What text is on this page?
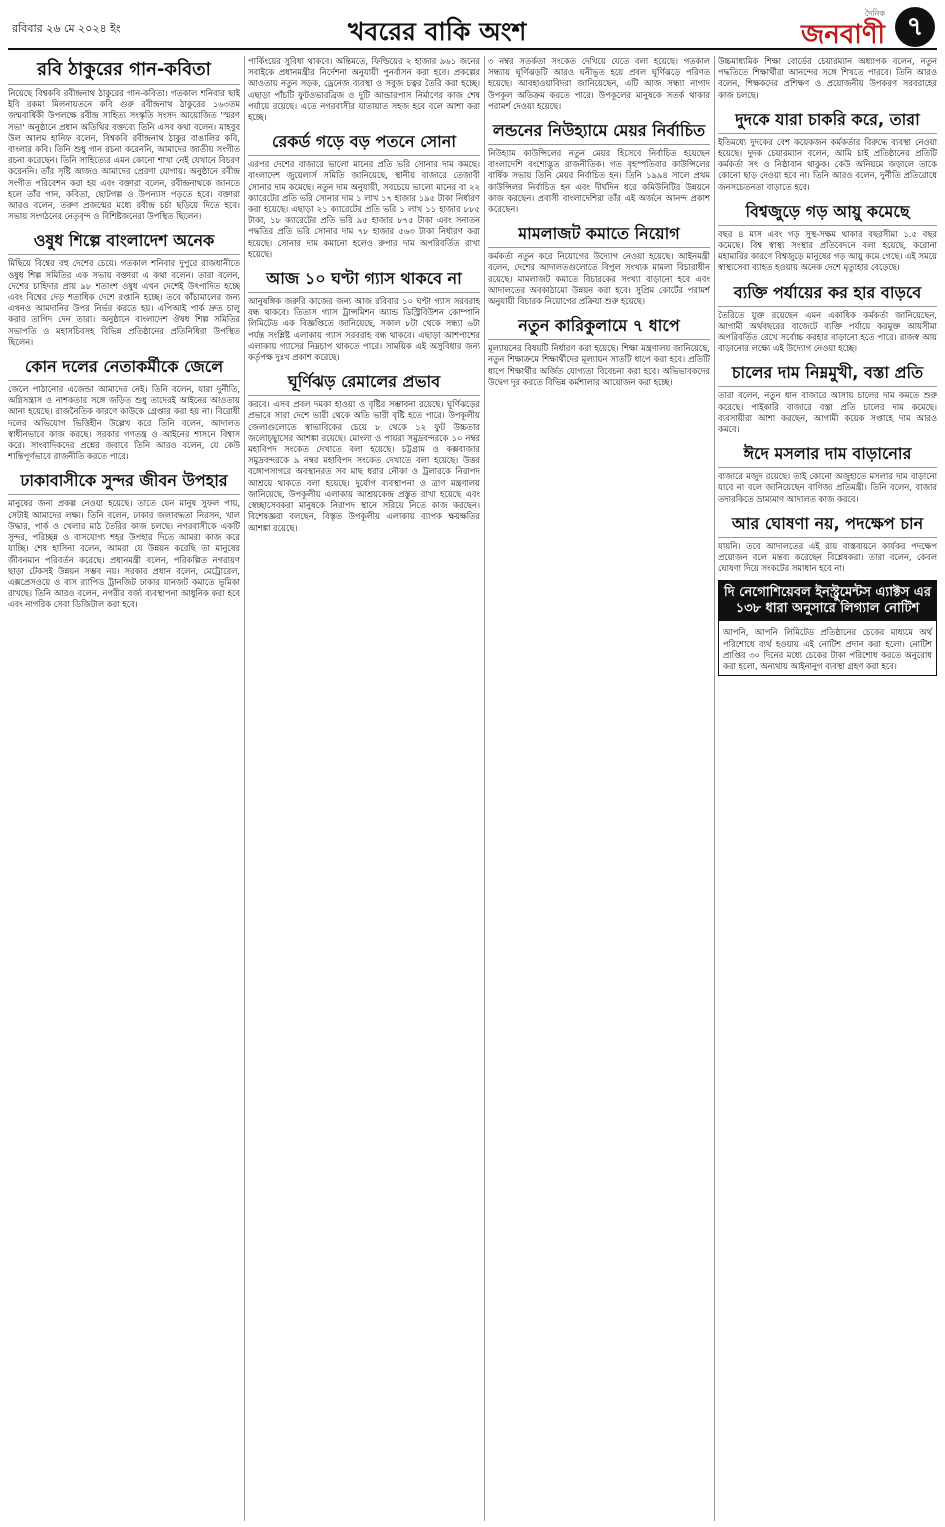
রবিবার ২৬ মে ২০২৪ ইং	খবরের বাকি অংশ
দৈনিক
জনবাণী ৭
রবি ঠাকুরের গান-কবিতা

নিয়েছে বিশ্বকবি রবীন্দ্রনাথ ঠাকুরের গান-কবিতা। গতকাল শনিবার ছাই ইবি রকমা মিলনায়তনে কবি গুরু রবীন্দ্রনাথ ঠাকুরের ১৬৩তম জন্মবার্ষিকী উপলক্ষে রবীন্দ্র সাহিত্য সংস্কৃতি সংসদ আয়োজিত 'স্মরণ সভা' অনুষ্ঠানে প্রধান অতিথির বক্তব্যে তিনি এসব কথা বলেন। মাহবুব উল আলম হানিফ বলেন, বিশ্বকবি রবীন্দ্রনাথ ঠাকুর বাঙালির কবি, বাংলার কবি। তিনি শুধু গান রচনা করেননি, আমাদের জাতীয় সংগীত রচনা করেছেন। তিনি সাহিত্যের এমন কোনো শাখা নেই যেখানে বিচরণ করেননি। তাঁর সৃষ্টি আজও আমাদের প্রেরণা যোগায়। অনুষ্ঠানে রবীন্দ্র সংগীত পরিবেশন করা হয় এবং বক্তারা বলেন, রবীন্দ্রনাথকে জানতে হলে তাঁর গান, কবিতা, ছোটগল্প ও উপন্যাস পড়তে হবে। বক্তারা আরও বলেন, তরুণ প্রজন্মের মধ্যে রবীন্দ্র চর্চা ছড়িয়ে দিতে হবে। সভায় সংগঠনের নেতৃবৃন্দ ও বিশিষ্টজনেরা উপস্থিত ছিলেন।

ওষুধ শিল্পে বাংলাদেশ অনেক

মিছিয়ে বিশ্বের বহু দেশের চেয়ে। গতকাল শনিবার দুপুরে রাজধানীতে ওষুধ শিল্প সমিতির এক সভায় বক্তারা এ কথা বলেন। তারা বলেন, দেশের চাহিদার প্রায় ৯৮ শতাংশ ওষুধ এখন দেশেই উৎপাদিত হচ্ছে এবং বিশ্বের দেড় শতাধিক দেশে রপ্তানি হচ্ছে। তবে কাঁচামালের জন্য এখনও আমদানির উপর নির্ভর করতে হয়। এপিআই পার্ক দ্রুত চালু করার তাগিদ দেন তারা। অনুষ্ঠানে বাংলাদেশ ঔষধ শিল্প সমিতির সভাপতি ও মহাসচিবসহ বিভিন্ন প্রতিষ্ঠানের প্রতিনিধিরা উপস্থিত ছিলেন।

কোন দলের নেতাকর্মীকে জেলে

জেলে পাঠানোর এজেন্ডা আমাদের নেই। তিনি বলেন, যারা দুর্নীতি, অগ্নিসন্ত্রাস ও নাশকতার সঙ্গে জড়িত শুধু তাদেরই আইনের আওতায় আনা হয়েছে। রাজনৈতিক কারণে কাউকে গ্রেপ্তার করা হয় না। বিরোধী দলের অভিযোগ ভিত্তিহীন উল্লেখ করে তিনি বলেন, আদালত স্বাধীনভাবে কাজ করছে। সরকার গণতন্ত্র ও আইনের শাসনে বিশ্বাস করে। সাংবাদিকদের প্রশ্নের জবাবে তিনি আরও বলেন, যে কেউ শান্তিপূর্ণভাবে রাজনীতি করতে পারে।

ঢাকাবাসীকে সুন্দর জীবন উপহার

মানুষের জন্য প্রকল্প নেওয়া হয়েছে। তাতে যেন মানুষ সুফল পায়, সেটাই আমাদের লক্ষ্য। তিনি বলেন, ঢাকার জলাবদ্ধতা নিরসন, খাল উদ্ধার, পার্ক ও খেলার মাঠ তৈরির কাজ চলছে। নগরবাসীকে একটি সুন্দর, পরিচ্ছন্ন ও বাসযোগ্য শহর উপহার দিতে আমরা কাজ করে যাচ্ছি। শেষ হাসিনা বলেন, আমরা যে উন্নয়ন করেছি তা মানুষের জীবনমান পরিবর্তন করেছে। প্রধানমন্ত্রী বলেন, পরিকল্পিত নগরায়ণ ছাড়া টেকসই উন্নয়ন সম্ভব নয়। সরকার প্রধান বলেন, মেট্রোরেল, এক্সপ্রেসওয়ে ও বাস র‍্যাপিড ট্রানজিট ঢাকার যানজট কমাতে ভূমিকা রাখছে। তিনি আরও বলেন, নগরীর বর্জ্য ব্যবস্থাপনা আধুনিক করা হবে এবং নাগরিক সেবা ডিজিটাল করা হবে।

পার্কিংয়ের সুবিধা থাকবে। অন্তিমতে, ফিল্ডিয়ের ২ হাজার ৯৬১ জনের সবাইকে প্রধানমন্ত্রীর নির্দেশনা অনুযায়ী পুনর্বাসন করা হবে। প্রকল্পের আওতায় নতুন সড়ক, ড্রেনেজ ব্যবস্থা ও সবুজ চত্বর তৈরি করা হচ্ছে। এছাড়া পাঁচটি ফুটওভারব্রিজ ও দুটি আন্ডারপাস নির্মাণের কাজ শেষ পর্যায়ে রয়েছে। এতে নগরবাসীর যাতায়াত সহজ হবে বলে আশা করা হচ্ছে।

রেকর্ড গড়ে বড় পতনে সোনা

এরপর দেশের বাজারে ভালো মানের প্রতি ভরি সোনার দাম কমছে। বাংলাদেশ জুয়েলার্স সমিতি জানিয়েছে, স্থানীয় বাজারে তেজাবী সোনার দাম কমেছে। নতুন দাম অনুযায়ী, সবচেয়ে ভালো মানের বা ২২ ক্যারেটের প্রতি ভরি সোনার দাম ১ লাখ ১৭ হাজার ১৯৫ টাকা নির্ধারণ করা হয়েছে। এছাড়া ২১ ক্যারেটের প্রতি ভরি ১ লাখ ১১ হাজার ৮৮৫ টাকা, ১৮ ক্যারেটের প্রতি ভরি ৯৫ হাজার ৮৭৫ টাকা এবং সনাতন পদ্ধতির প্রতি ভরি সোনার দাম ৭৮ হাজার ৫৬৩ টাকা নির্ধারণ করা হয়েছে। সোনার দাম কমানো হলেও রুপার দাম অপরিবর্তিত রাখা হয়েছে।

আজ ১০ ঘণ্টা গ্যাস থাকবে না

আনুষঙ্গিক জরুরি কাজের জন্য আজ রবিবার ১০ ঘণ্টা গ্যাস সরবরাহ বন্ধ থাকবে। তিতাস গ্যাস ট্রান্সমিশন অ্যান্ড ডিস্ট্রিবিউশন কোম্পানি লিমিটেড এক বিজ্ঞপ্তিতে জানিয়েছে, সকাল ৮টা থেকে সন্ধ্যা ৬টা পর্যন্ত সংশ্লিষ্ট এলাকায় গ্যাস সরবরাহ বন্ধ থাকবে। এছাড়া আশপাশের এলাকায় গ্যাসের নিম্নচাপ থাকতে পারে। সাময়িক এই অসুবিধার জন্য কর্তৃপক্ষ দুঃখ প্রকাশ করেছে।

ঘূর্ণিঝড় রেমালের প্রভাব

করবে। এসব প্রবল দমকা হাওয়া ও বৃষ্টির সম্ভাবনা রয়েছে। ঘূর্ণিঝড়ের প্রভাবে সারা দেশে ভারী থেকে অতি ভারী বৃষ্টি হতে পারে। উপকূলীয় জেলাগুলোতে স্বাভাবিকের চেয়ে ৮ থেকে ১২ ফুট উচ্চতার জলোচ্ছ্বাসের আশঙ্কা রয়েছে। মোংলা ও পায়রা সমুদ্রবন্দরকে ১০ নম্বর মহাবিপদ সংকেত দেখাতে বলা হয়েছে। চট্টগ্রাম ও কক্সবাজার সমুদ্রবন্দরকে ৯ নম্বর মহাবিপদ সংকেত দেখাতে বলা হয়েছে। উত্তর বঙ্গোপসাগরে অবস্থানরত সব মাছ ধরার নৌকা ও ট্রলারকে নিরাপদ আশ্রয়ে থাকতে বলা হয়েছে। দুর্যোগ ব্যবস্থাপনা ও ত্রাণ মন্ত্রণালয় জানিয়েছে, উপকূলীয় এলাকায় আশ্রয়কেন্দ্র প্রস্তুত রাখা হয়েছে এবং স্বেচ্ছাসেবকরা মানুষকে নিরাপদ স্থানে সরিয়ে নিতে কাজ করছেন। বিশেষজ্ঞরা বলছেন, বিস্তৃত উপকূলীয় এলাকায় ব্যাপক ক্ষয়ক্ষতির আশঙ্কা রয়েছে।

৩ নম্বর সতর্কতা সংকেত দেখিয়ে যেতে বলা হয়েছে। গতকাল সন্ধ্যায় ঘূর্ণিঝড়টি আরও ঘনীভূত হয়ে প্রবল ঘূর্ণিঝড়ে পরিণত হয়েছে। আবহাওয়াবিদরা জানিয়েছেন, এটি আজ সন্ধ্যা নাগাদ উপকূল অতিক্রম করতে পারে। উপকূলের মানুষকে সতর্ক থাকার পরামর্শ দেওয়া হয়েছে।

লন্ডনের নিউহ্যামে মেয়র নির্বাচিত

নিউহ্যাম কাউন্সিলের নতুন মেয়র হিসেবে নির্বাচিত হয়েছেন বাংলাদেশি বংশোদ্ভূত রাজনীতিক। গত বৃহস্পতিবার কাউন্সিলের বার্ষিক সভায় তিনি মেয়র নির্বাচিত হন। তিনি ১৯৯৪ সালে প্রথম কাউন্সিলর নির্বাচিত হন এবং দীর্ঘদিন ধরে কমিউনিটির উন্নয়নে কাজ করছেন। প্রবাসী বাংলাদেশিরা তাঁর এই অর্জনে আনন্দ প্রকাশ করেছেন।

মামলাজট কমাতে নিয়োগ

কর্মকর্তা নতুন করে নিয়োগের উদ্যোগ নেওয়া হয়েছে। আইনমন্ত্রী বলেন, দেশের আদালতগুলোতে বিপুল সংখ্যক মামলা বিচারাধীন রয়েছে। মামলাজট কমাতে বিচারকের সংখ্যা বাড়ানো হবে এবং আদালতের অবকাঠামো উন্নয়ন করা হবে। সুপ্রিম কোর্টের পরামর্শ অনুযায়ী বিচারক নিয়োগের প্রক্রিয়া শুরু হয়েছে।

নতুন কারিকুলামে ৭ ধাপে

মূল্যায়নের বিষয়টি নির্ধারণ করা হয়েছে। শিক্ষা মন্ত্রণালয় জানিয়েছে, নতুন শিক্ষাক্রমে শিক্ষার্থীদের মূল্যায়ন সাতটি ধাপে করা হবে। প্রতিটি ধাপে শিক্ষার্থীর অর্জিত যোগ্যতা বিবেচনা করা হবে। অভিভাবকদের উদ্বেগ দূর করতে বিভিন্ন কর্মশালার আয়োজন করা হচ্ছে।

উচ্চমাধ্যমিক শিক্ষা বোর্ডের চেয়ারম্যান অধ্যাপক বলেন, নতুন পদ্ধতিতে শিক্ষার্থীরা আনন্দের সঙ্গে শিখতে পারবে। তিনি আরও বলেন, শিক্ষকদের প্রশিক্ষণ ও প্রয়োজনীয় উপকরণ সরবরাহের কাজ চলছে।

দুদকে যারা চাকরি করে, তারা

ইতিমধ্যে দুদকের বেশ কয়েকজন কর্মকর্তার বিরুদ্ধে ব্যবস্থা নেওয়া হয়েছে। দুদক চেয়ারম্যান বলেন, আমি চাই প্রতিষ্ঠানের প্রতিটি কর্মকর্তা সৎ ও নিষ্ঠাবান থাকুক। কেউ অনিয়মে জড়ালে তাকে কোনো ছাড় দেওয়া হবে না। তিনি আরও বলেন, দুর্নীতি প্রতিরোধে জনসচেতনতা বাড়াতে হবে।

বিশ্বজুড়ে গড় আয়ু কমেছে

বছর ৪ মাস এবং গড় সুস্থ-সক্ষম থাকার বছরসীমা ১.৫ বছর কমেছে। বিশ্ব স্বাস্থ্য সংস্থার প্রতিবেদনে বলা হয়েছে, করোনা মহামারির কারণে বিশ্বজুড়ে মানুষের গড় আয়ু কমে গেছে। এই সময়ে স্বাস্থ্যসেবা ব্যাহত হওয়ায় অনেক দেশে মৃত্যুহার বেড়েছে।

ব্যক্তি পর্যায়ের কর হার বাড়বে

তৈরিতে যুক্ত রয়েছেন এমন একাধিক কর্মকর্তা জানিয়েছেন, আগামী অর্থবছরের বাজেটে ব্যক্তি পর্যায়ে করমুক্ত আয়সীমা অপরিবর্তিত রেখে সর্বোচ্চ করহার বাড়ানো হতে পারে। রাজস্ব আয় বাড়ানোর লক্ষ্যে এই উদ্যোগ নেওয়া হচ্ছে।

চালের দাম নিম্নমুখী, বস্তা প্রতি

তারা বলেন, নতুন ধান বাজারে আসায় চালের দাম কমতে শুরু করেছে। পাইকারি বাজারে বস্তা প্রতি চালের দাম কমেছে। ব্যবসায়ীরা আশা করছেন, আগামী কয়েক সপ্তাহে দাম আরও কমবে।

ঈদে মসলার দাম বাড়ানোর

বাজারে মজুদ রয়েছে। তাই কোনো অজুহাতে মসলার দাম বাড়ানো যাবে না বলে জানিয়েছেন বাণিজ্য প্রতিমন্ত্রী। তিনি বলেন, বাজার তদারকিতে ভ্রাম্যমাণ আদালত কাজ করবে।

আর ঘোষণা নয়, পদক্ষেপ চান

যায়নি। তবে আদালতের এই রায় বাস্তবায়নে কার্যকর পদক্ষেপ প্রয়োজন বলে মন্তব্য করেছেন বিশ্লেষকরা। তারা বলেন, কেবল ঘোষণা দিয়ে সংকটের সমাধান হবে না।

দি নেগোশিয়েবল ইনস্ট্রুমেন্টস এ্যাক্টস এর ১৩৮ ধারা অনুসারে লিগ্যাল নোটিশ

আপনি, আপনি লিমিটেড প্রতিষ্ঠানের চেকের মাধ্যমে অর্থ পরিশোধে ব্যর্থ হওয়ায় এই নোটিশ প্রদান করা হলো। নোটিশ প্রাপ্তির ৩০ দিনের মধ্যে চেকের টাকা পরিশোধ করতে অনুরোধ করা হলো, অন্যথায় আইনানুগ ব্যবস্থা গ্রহণ করা হবে।
